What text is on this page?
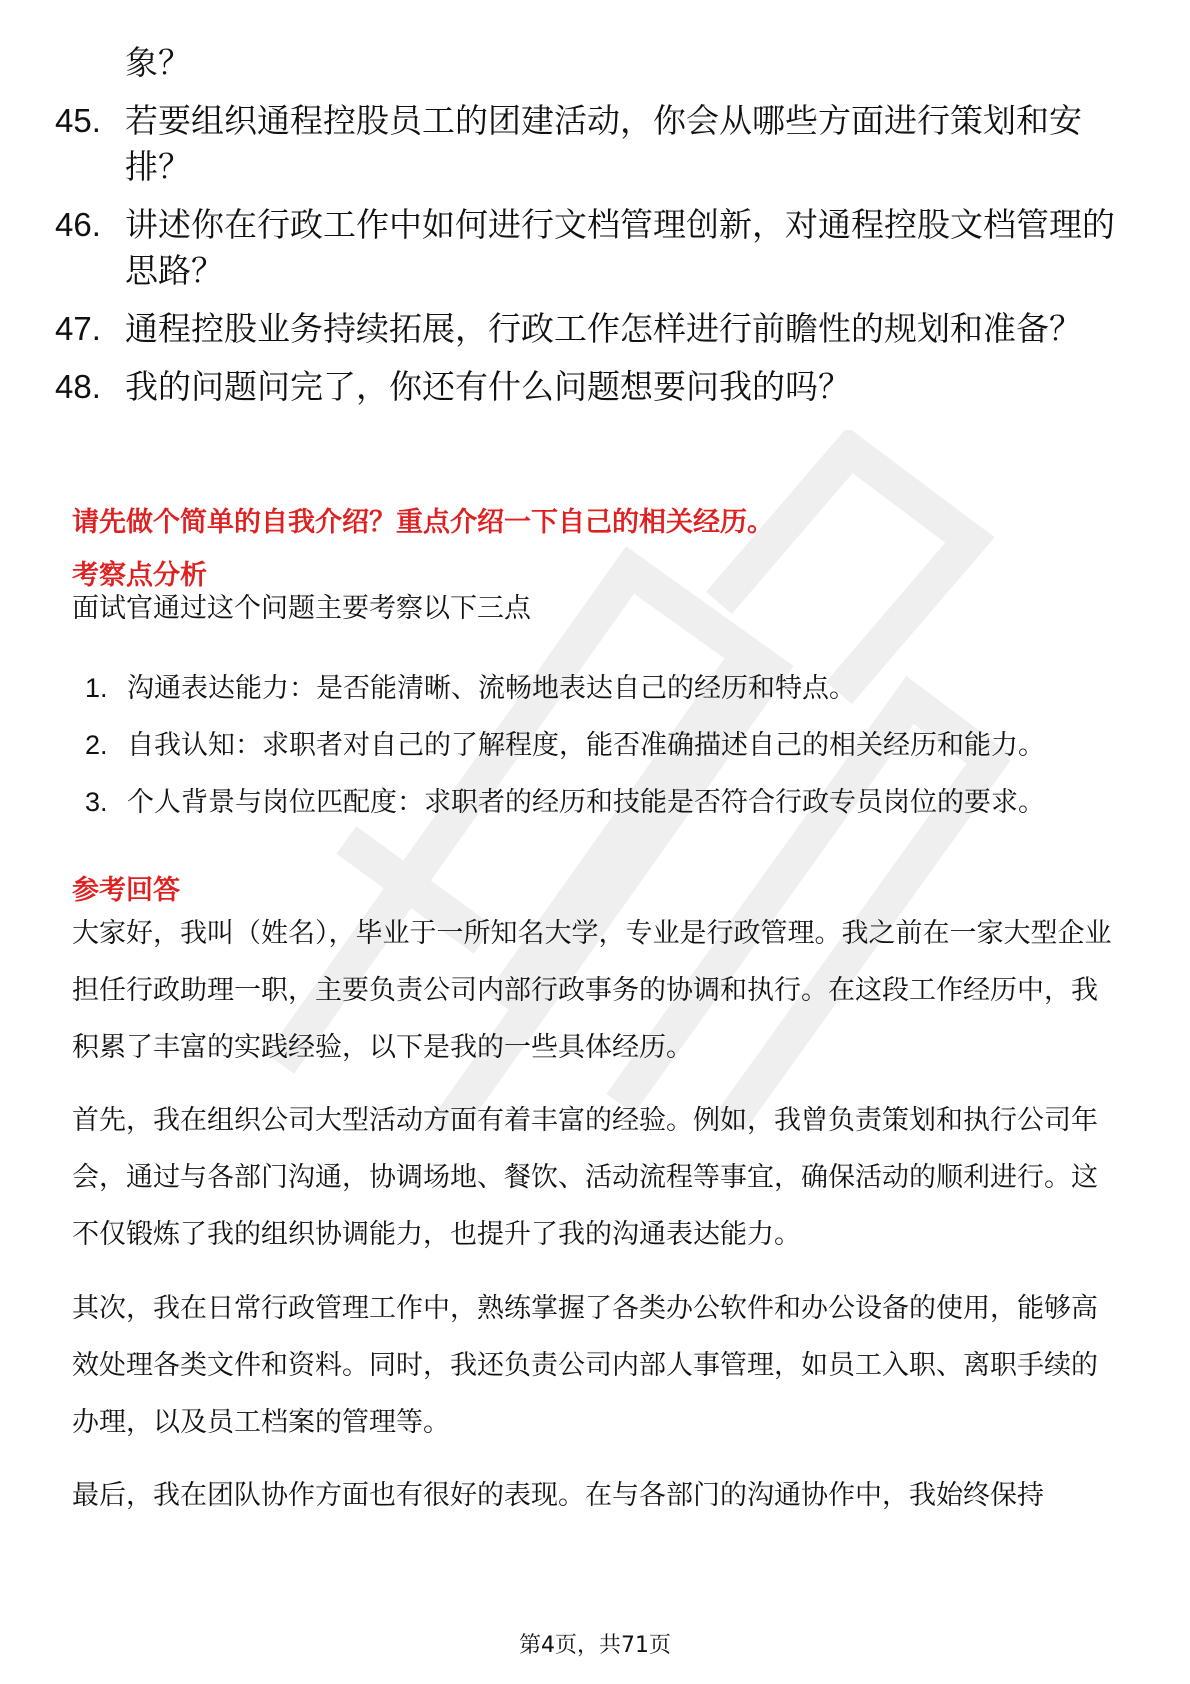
象？
45. 若要组织通程控股员工的团建活动，你会从哪些方面进行策划和安排？
46. 讲述你在行政工作中如何进行文档管理创新，对通程控股文档管理的思路？
47. 通程控股业务持续拓展，行政工作怎样进行前瞻性的规划和准备？
48. 我的问题问完了，你还有什么问题想要问我的吗？
请先做个简单的自我介绍？重点介绍一下自己的相关经历。
考察点分析
面试官通过这个问题主要考察以下三点
1. 沟通表达能力：是否能清晰、流畅地表达自己的经历和特点。
2. 自我认知：求职者对自己的了解程度，能否准确描述自己的相关经历和能力。
3. 个人背景与岗位匹配度：求职者的经历和技能是否符合行政专员岗位的要求。
参考回答
大家好，我叫（姓名），毕业于一所知名大学，专业是行政管理。我之前在一家大型企业担任行政助理一职，主要负责公司内部行政事务的协调和执行。在这段工作经历中，我积累了丰富的实践经验，以下是我的一些具体经历。
首先，我在组织公司大型活动方面有着丰富的经验。例如，我曾负责策划和执行公司年会，通过与各部门沟通，协调场地、餐饮、活动流程等事宜，确保活动的顺利进行。这不仅锻炼了我的组织协调能力，也提升了我的沟通表达能力。
其次，我在日常行政管理工作中，熟练掌握了各类办公软件和办公设备的使用，能够高效处理各类文件和资料。同时，我还负责公司内部人事管理，如员工入职、离职手续的办理，以及员工档案的管理等。
最后，我在团队协作方面也有很好的表现。在与各部门的沟通协作中，我始终保持
第4页，共71页
